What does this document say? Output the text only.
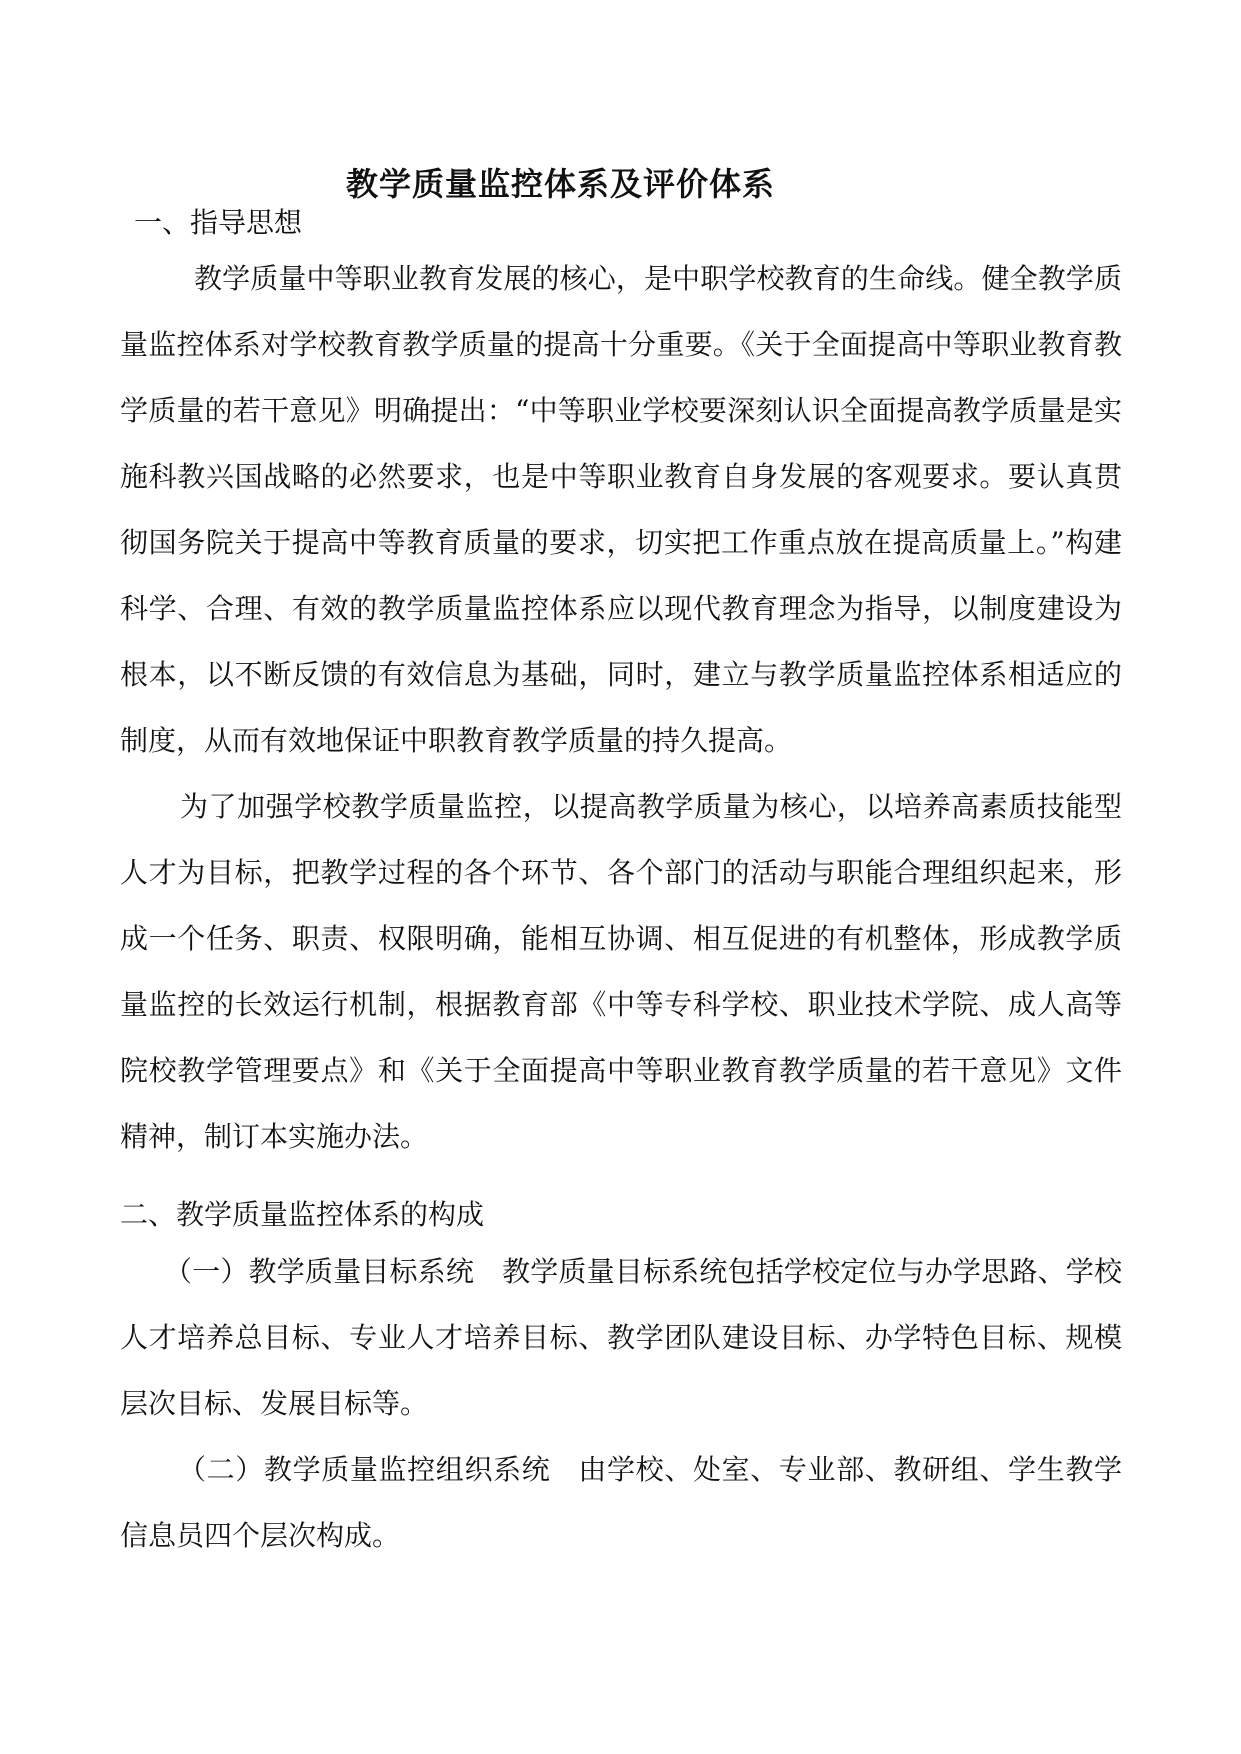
教学质量监控体系及评价体系
一、指导思想

教学质量中等职业教育发展的核心，是中职学校教育的生命线。健全教学质量监控体系对学校教育教学质量的提高十分重要。《关于全面提高中等职业教育教学质量的若干意见》明确提出：“中等职业学校要深刻认识全面提高教学质量是实施科教兴国战略的必然要求，也是中等职业教育自身发展的客观要求。要认真贯彻国务院关于提高中等教育质量的要求，切实把工作重点放在提高质量上。”构建科学、合理、有效的教学质量监控体系应以现代教育理念为指导，以制度建设为根本，以不断反馈的有效信息为基础，同时，建立与教学质量监控体系相适应的制度，从而有效地保证中职教育教学质量的持久提高。

为了加强学校教学质量监控，以提高教学质量为核心，以培养高素质技能型人才为目标，把教学过程的各个环节、各个部门的活动与职能合理组织起来，形成一个任务、职责、权限明确，能相互协调、相互促进的有机整体，形成教学质量监控的长效运行机制，根据教育部《中等专科学校、职业技术学院、成人高等院校教学管理要点》和《关于全面提高中等职业教育教学质量的若干意见》文件精神，制订本实施办法。

二、教学质量监控体系的构成

（一）教学质量目标系统 教学质量目标系统包括学校定位与办学思路、学校人才培养总目标、专业人才培养目标、教学团队建设目标、办学特色目标、规模层次目标、发展目标等。

（二）教学质量监控组织系统 由学校、处室、专业部、教研组、学生教学信息员四个层次构成。
